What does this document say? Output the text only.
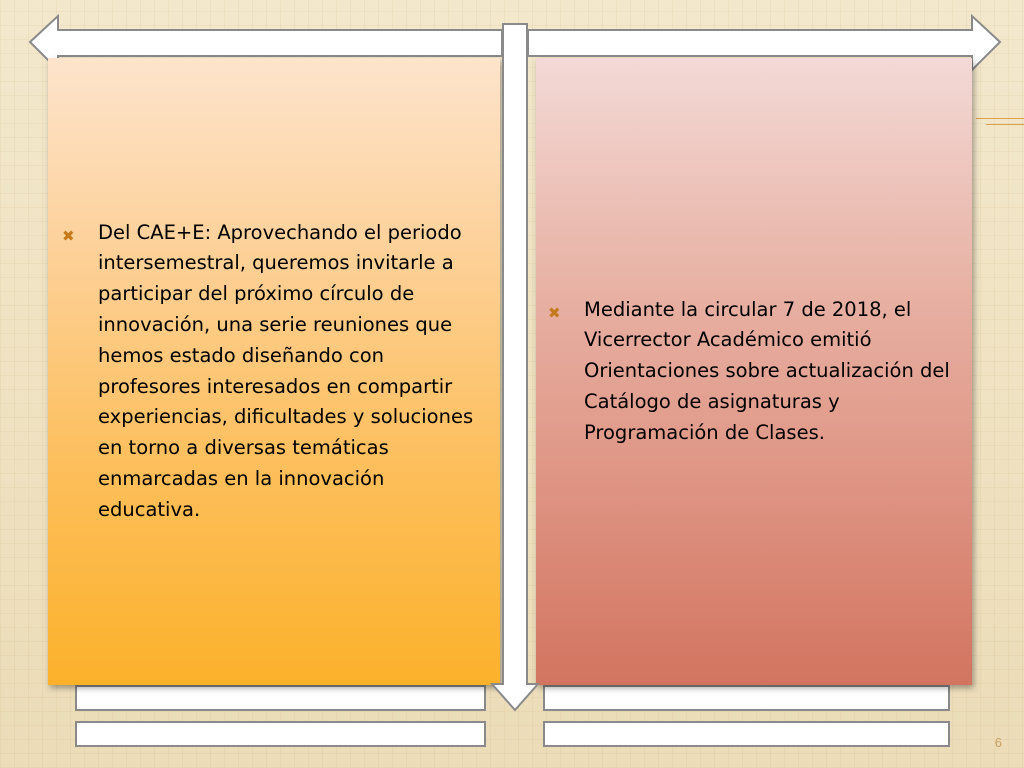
✖ Del CAE+E: Aprovechando el periodo intersemestral, queremos invitarle a participar del próximo círculo de innovación, una serie reuniones que hemos estado diseñando con profesores interesados en compartir experiencias, dificultades y soluciones en torno a diversas temáticas enmarcadas en la innovación educativa.
✖ Mediante la circular 7 de 2018, el Vicerrector Académico emitió Orientaciones sobre actualización del Catálogo de asignaturas y Programación de Clases.
6
